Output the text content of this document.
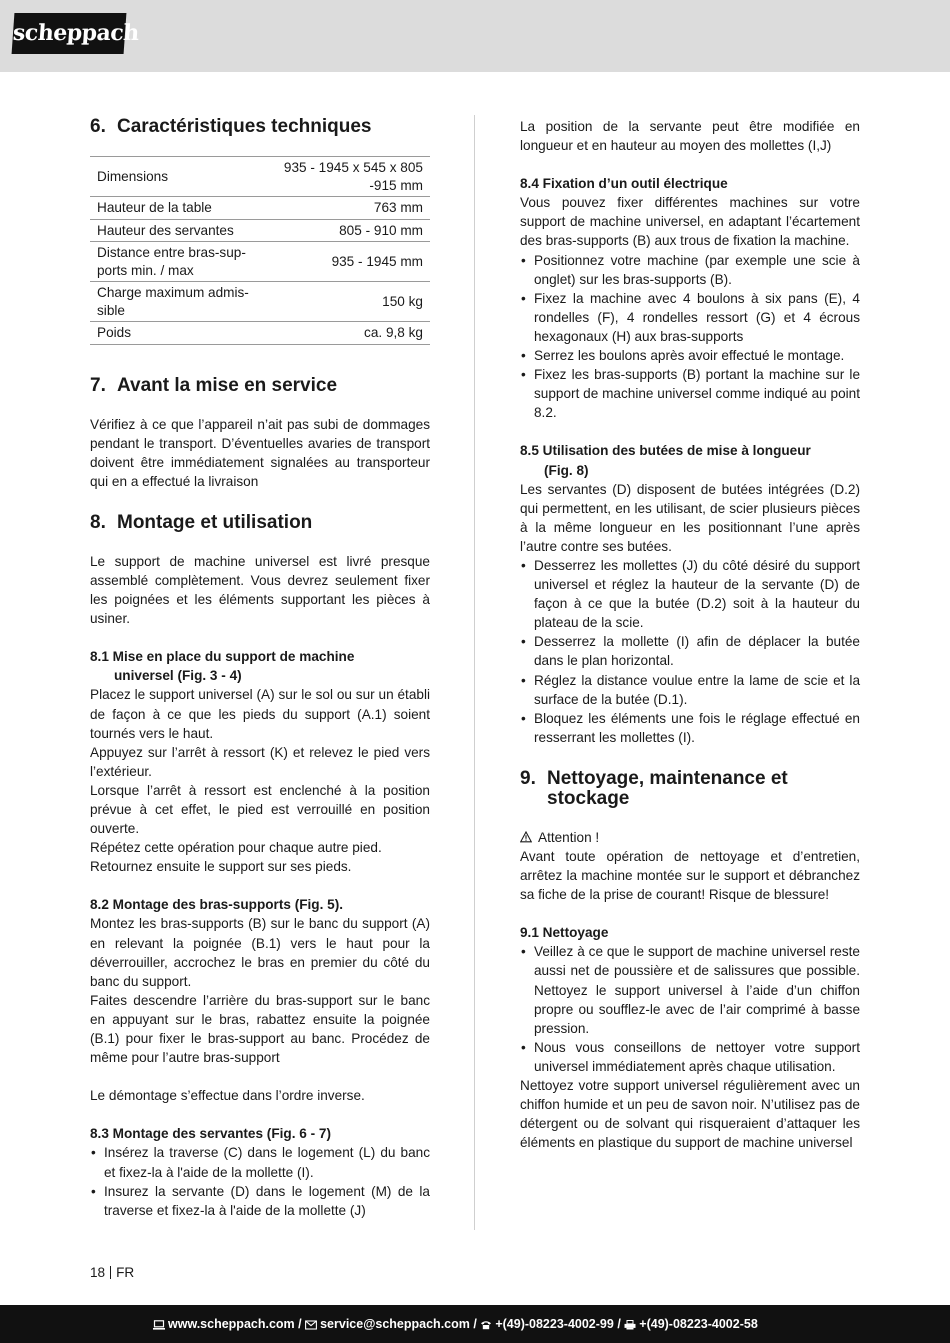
scheppach
6. Caractéristiques techniques
Dimensions	935 - 1945 x 545 x 805 -915 mm
Hauteur de la table	763 mm
Hauteur des servantes	805 - 910 mm
Distance entre bras-sup-ports min. / max	935 - 1945 mm
Charge maximum admis-sible	150 kg
Poids	ca. 9,8 kg
7. Avant la mise en service

Vérifiez à ce que l’appareil n’ait pas subi de dommages pendant le transport. D’éventuelles avaries de transport doivent être immédiatement signalées au transporteur qui en a effectué la livraison

8. Montage et utilisation

Le support de machine universel est livré presque assemblé complètement. Vous devrez seulement fixer les poignées et les éléments supportant les pièces à usiner.

8.1 Mise en place du support de machine
universel (Fig. 3 - 4)

Placez le support universel (A) sur le sol ou sur un établi de façon à ce que les pieds du support (A.1) soient tournés vers le haut.

Appuyez sur l’arrêt à ressort (K) et relevez le pied vers l’extérieur.

Lorsque l’arrêt à ressort est enclenché à la position prévue à cet effet, le pied est verrouillé en position ouverte.

Répétez cette opération pour chaque autre pied.

Retournez ensuite le support sur ses pieds.

8.2 Montage des bras-supports (Fig. 5).

Montez les bras-supports (B) sur le banc du support (A) en relevant la poignée (B.1) vers le haut pour la déverrouiller, accrochez le bras en premier du côté du banc du support.

Faites descendre l’arrière du bras-support sur le banc en appuyant sur le bras, rabattez ensuite la poignée (B.1) pour fixer le bras-support au banc. Procédez de même pour l’autre bras-support

Le démontage s’effectue dans l’ordre inverse.

8.3 Montage des servantes (Fig. 6 - 7)
• Insérez la traverse (C) dans le logement (L) du banc et fixez-la à l'aide de la mollette (I).
• Insurez la servante (D) dans le logement (M) de la traverse et fixez-la à l'aide de la mollette (J)

La position de la servante peut être modifiée en longueur et en hauteur au moyen des mollettes (I,J)

8.4 Fixation d’un outil électrique

Vous pouvez fixer différentes machines sur votre support de machine universel, en adaptant l’écartement des bras-supports (B) aux trous de fixation la machine.

• Positionnez votre machine (par exemple une scie à onglet) sur les bras-supports (B).
• Fixez la machine avec 4 boulons à six pans (E), 4 rondelles (F), 4 rondelles ressort (G) et 4 écrous hexagonaux (H) aux bras-supports
• Serrez les boulons après avoir effectué le montage.
• Fixez les bras-supports (B) portant la machine sur le support de machine universel comme indiqué au point 8.2.
8.5 Utilisation des butées de mise à longueur
(Fig. 8)

Les servantes (D) disposent de butées intégrées (D.2) qui permettent, en les utilisant, de scier plusieurs pièces à la même longueur en les positionnant l’une après l’autre contre ses butées.

• Desserrez les mollettes (J) du côté désiré du support universel et réglez la hauteur de la servante (D) de façon à ce que la butée (D.2) soit à la hauteur du plateau de la scie.
• Desserrez la mollette (I) afin de déplacer la butée dans le plan horizontal.
• Réglez la distance voulue entre la lame de scie et la surface de la butée (D.1).
• Bloquez les éléments une fois le réglage effectué en resserrant les mollettes (I).
9. Nettoyage, maintenance et stockage
Attention !

Avant toute opération de nettoyage et d’entretien, arrêtez la machine montée sur le support et débranchez sa fiche de la prise de courant! Risque de blessure!

9.1 Nettoyage
• Veillez à ce que le support de machine universel reste aussi net de poussière et de salissures que possible. Nettoyez le support universel à l’aide d’un chiffon propre ou soufflez-le avec de l’air comprimé à basse pression.
• Nous vous conseillons de nettoyer votre support universel immédiatement après chaque utilisation.

Nettoyez votre support universel régulièrement avec un chiffon humide et un peu de savon noir. N’utilisez pas de détergent ou de solvant qui risqueraient d’attaquer les éléments en plastique du support de machine universel

18 FR
www.scheppach.com / service@scheppach.com / +(49)-08223-4002-99 / +(49)-08223-4002-58
